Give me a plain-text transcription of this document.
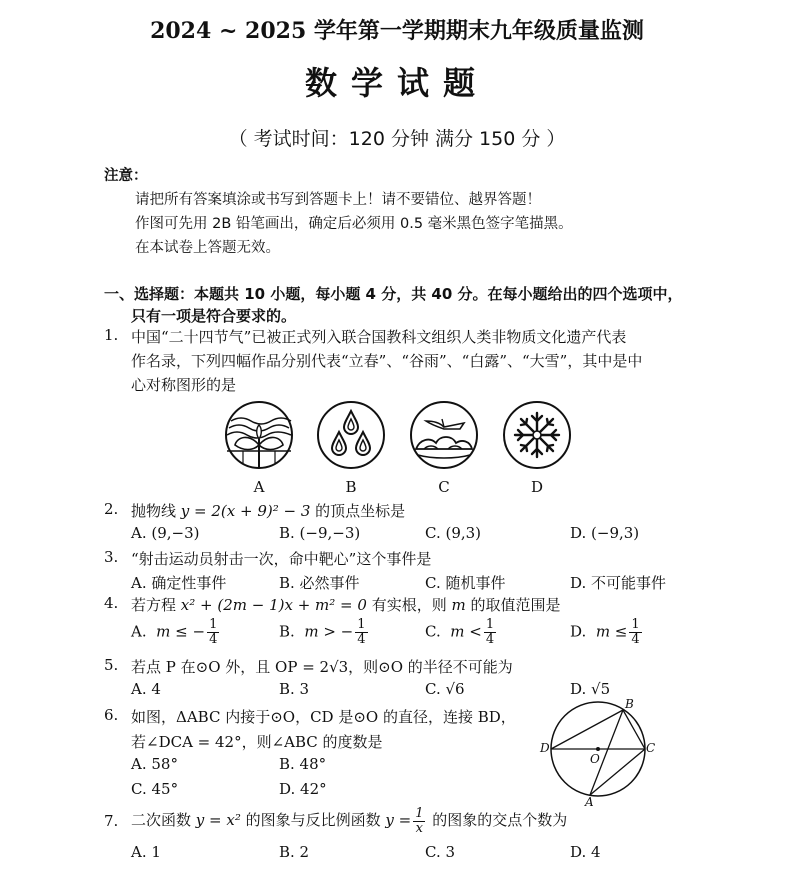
2024 ~ 2025 学年第一学期期末九年级质量监测
数学试题
（ 考试时间：120 分钟 满分 150 分 ）
注意：
请把所有答案填涂或书写到答题卡上！请不要错位、越界答题！
作图可先用 2B 铅笔画出，确定后必须用 0.5 毫米黑色签字笔描黑。
在本试卷上答题无效。
一、选择题：本题共 10 小题，每小题 4 分，共 40 分。在每小题给出的四个选项中，
只有一项是符合要求的。
1. 中国“二十四节气”已被正式列入联合国教科文组织人类非物质文化遗产代表
作名录，下列四幅作品分别代表“立春”、“谷雨”、“白露”、“大雪”，其中是中
心对称图形的是
A	B	C	D
2. 抛物线 y = 2(x + 9)² − 3 的顶点坐标是
A. (9,−3)	B. (−9,−3)	C. (9,3)	D. (−9,3)
3. “射击运动员射击一次，命中靶心”这个事件是
A. 确定性事件	B. 必然事件	C. 随机事件	D. 不可能事件
4. 若方程 x² + (2m − 1)x + m² = 0 有实根，则 m 的取值范围是
A. m ≤ − $\frac{1}{4}$	B. m > − $\frac{1}{4}$	C. $m < \frac{1}{4}$	D. $m \le \frac{1}{4}$
5. 若点 P 在⊙O 外，且 OP = 2√3，则⊙O 的半径不可能为
A. 4	B. 3	C. √6	D. √5
6. 如图，ΔABC 内接于⊙O，CD 是⊙O 的直径，连接 BD，
若∠DCA = 42°，则∠ABC 的度数是
A. 58°	B. 48°
C. 45°	D. 42°
B
D
O
C
A
7. 二次函数 y = x² 的图象与反比例函数 $y = \frac{1}{x}$ 的图象的交点个数为
A. 1	B. 2	C. 3	D. 4
